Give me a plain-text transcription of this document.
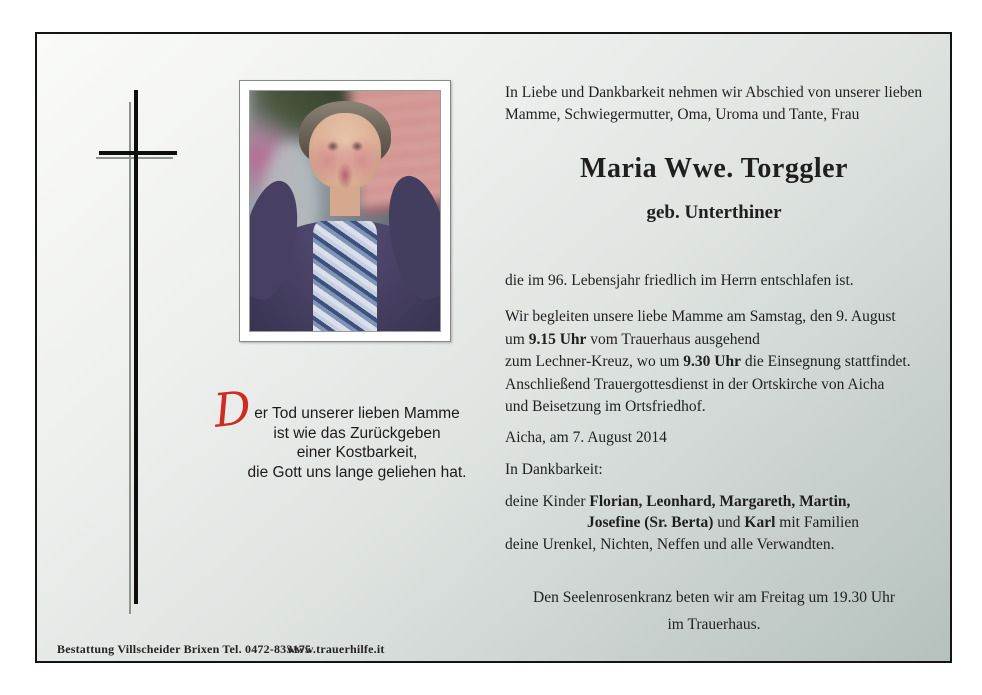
D er Tod unserer lieben Mamme
ist wie das Zurückgeben
einer Kostbarkeit,
die Gott uns lange geliehen hat.
In Liebe und Dankbarkeit nehmen wir Abschied von unserer lieben
Mamme, Schwiegermutter, Oma, Uroma und Tante, Frau
Maria Wwe. Torggler
geb. Unterthiner
die im 96. Lebensjahr friedlich im Herrn entschlafen ist.
Wir begleiten unsere liebe Mamme am Samstag, den 9. August
um 9.15 Uhr vom Trauerhaus ausgehend
zum Lechner-Kreuz, wo um 9.30 Uhr die Einsegnung stattfindet.
Anschließend Trauergottesdienst in der Ortskirche von Aicha
und Beisetzung im Ortsfriedhof.
Aicha, am 7. August 2014
In Dankbarkeit:
deine Kinder Florian, Leonhard, Margareth, Martin,
Josefine (Sr. Berta) und Karl mit Familien
deine Urenkel, Nichten, Neffen und alle Verwandten.
Den Seelenrosenkranz beten wir am Freitag um 19.30 Uhr
im Trauerhaus.
Bestattung Villscheider Brixen Tel. 0472-833175
www.trauerhilfe.it
